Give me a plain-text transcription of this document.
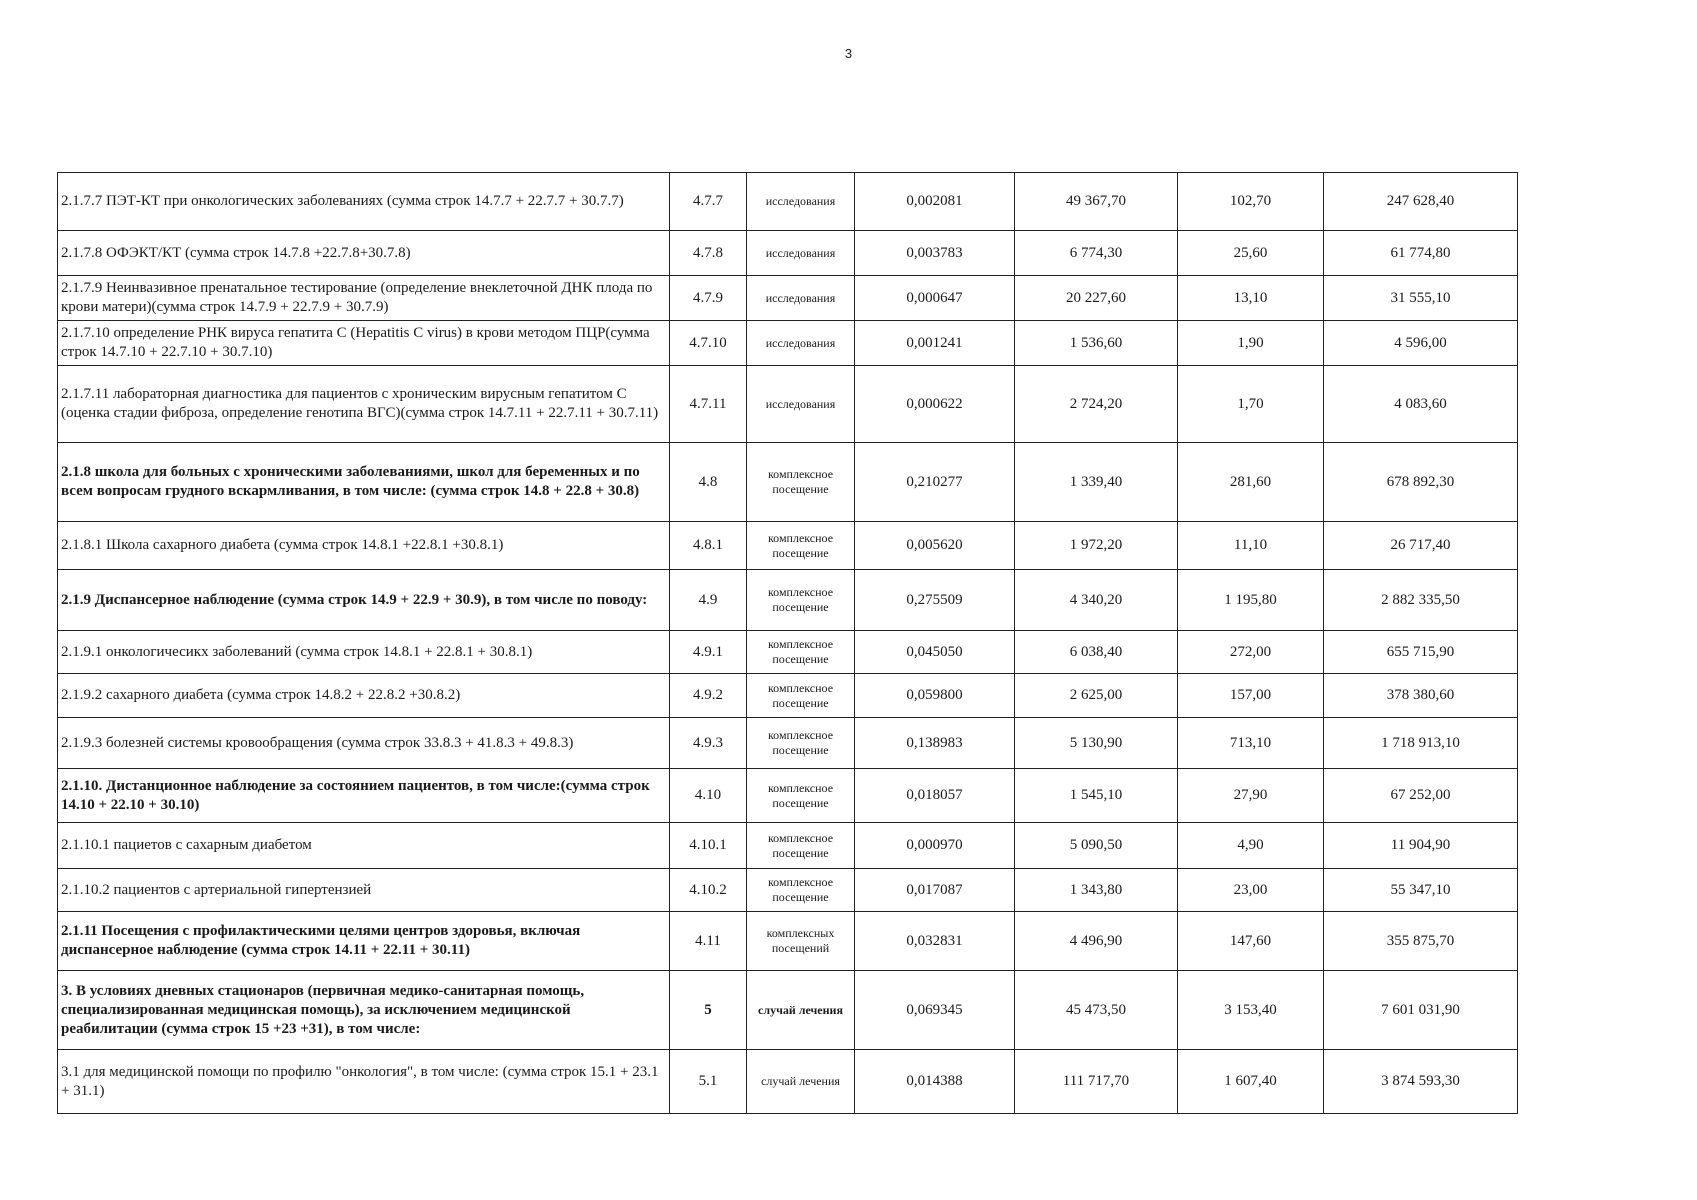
3
2.1.7.7 ПЭТ-КТ при онкологических заболеваниях (сумма строк 14.7.7 + 22.7.7 + 30.7.7)	4.7.7	исследования	0,002081	49 367,70	102,70	247 628,40
2.1.7.8 ОФЭКТ/КТ (сумма строк 14.7.8 +22.7.8+30.7.8)	4.7.8	исследования	0,003783	6 774,30	25,60	61 774,80
2.1.7.9 Неинвазивное пренатальное тестирование (определение внеклеточной ДНК плода по крови матери)(сумма строк 14.7.9 + 22.7.9 + 30.7.9)	4.7.9	исследования	0,000647	20 227,60	13,10	31 555,10
2.1.7.10 определение РНК вируса гепатита С (Hepatitis C virus) в крови методом ПЦР(сумма строк 14.7.10 + 22.7.10 + 30.7.10)	4.7.10	исследования	0,001241	1 536,60	1,90	4 596,00
2.1.7.11 лабораторная диагностика для пациентов с хроническим вирусным гепатитом С (оценка стадии фиброза, определение генотипа ВГС)(сумма строк 14.7.11 + 22.7.11 + 30.7.11)	4.7.11	исследования	0,000622	2 724,20	1,70	4 083,60
2.1.8 школа для больных с хроническими заболеваниями, школ для беременных и по всем вопросам грудного вскармливания, в том числе: (сумма строк 14.8 + 22.8 + 30.8)	4.8	комплексное посещение	0,210277	1 339,40	281,60	678 892,30
2.1.8.1 Школа сахарного диабета (сумма строк 14.8.1 +22.8.1 +30.8.1)	4.8.1	комплексное посещение	0,005620	1 972,20	11,10	26 717,40
2.1.9 Диспансерное наблюдение (сумма строк 14.9 + 22.9 + 30.9), в том числе по поводу:	4.9	комплексное посещение	0,275509	4 340,20	1 195,80	2 882 335,50
2.1.9.1 онкологичесикх заболеваний (сумма строк 14.8.1 + 22.8.1 + 30.8.1)	4.9.1	комплексное посещение	0,045050	6 038,40	272,00	655 715,90
2.1.9.2 сахарного диабета (сумма строк 14.8.2 + 22.8.2 +30.8.2)	4.9.2	комплексное посещение	0,059800	2 625,00	157,00	378 380,60
2.1.9.3 болезней системы кровообращения (сумма строк 33.8.3 + 41.8.3 + 49.8.3)	4.9.3	комплексное посещение	0,138983	5 130,90	713,10	1 718 913,10
2.1.10. Дистанционное наблюдение за состоянием пациентов, в том числе:(сумма строк 14.10 + 22.10 + 30.10)	4.10	комплексное посещение	0,018057	1 545,10	27,90	67 252,00
2.1.10.1 пациетов с сахарным диабетом	4.10.1	комплексное посещение	0,000970	5 090,50	4,90	11 904,90
2.1.10.2 пациентов с артериальной гипертензией	4.10.2	комплексное посещение	0,017087	1 343,80	23,00	55 347,10
2.1.11 Посещения с профилактическими целями центров здоровья, включая диспансерное наблюдение (сумма строк 14.11 + 22.11 + 30.11)	4.11	комплексных посещений	0,032831	4 496,90	147,60	355 875,70
3. В условиях дневных стационаров (первичная медико-санитарная помощь, специализированная медицинская помощь), за исключением медицинской реабилитации (сумма строк 15 +23 +31), в том числе:	5	случай лечения	0,069345	45 473,50	3 153,40	7 601 031,90
3.1 для медицинской помощи по профилю "онкология", в том числе: (сумма строк 15.1 + 23.1 + 31.1)	5.1	случай лечения	0,014388	111 717,70	1 607,40	3 874 593,30
